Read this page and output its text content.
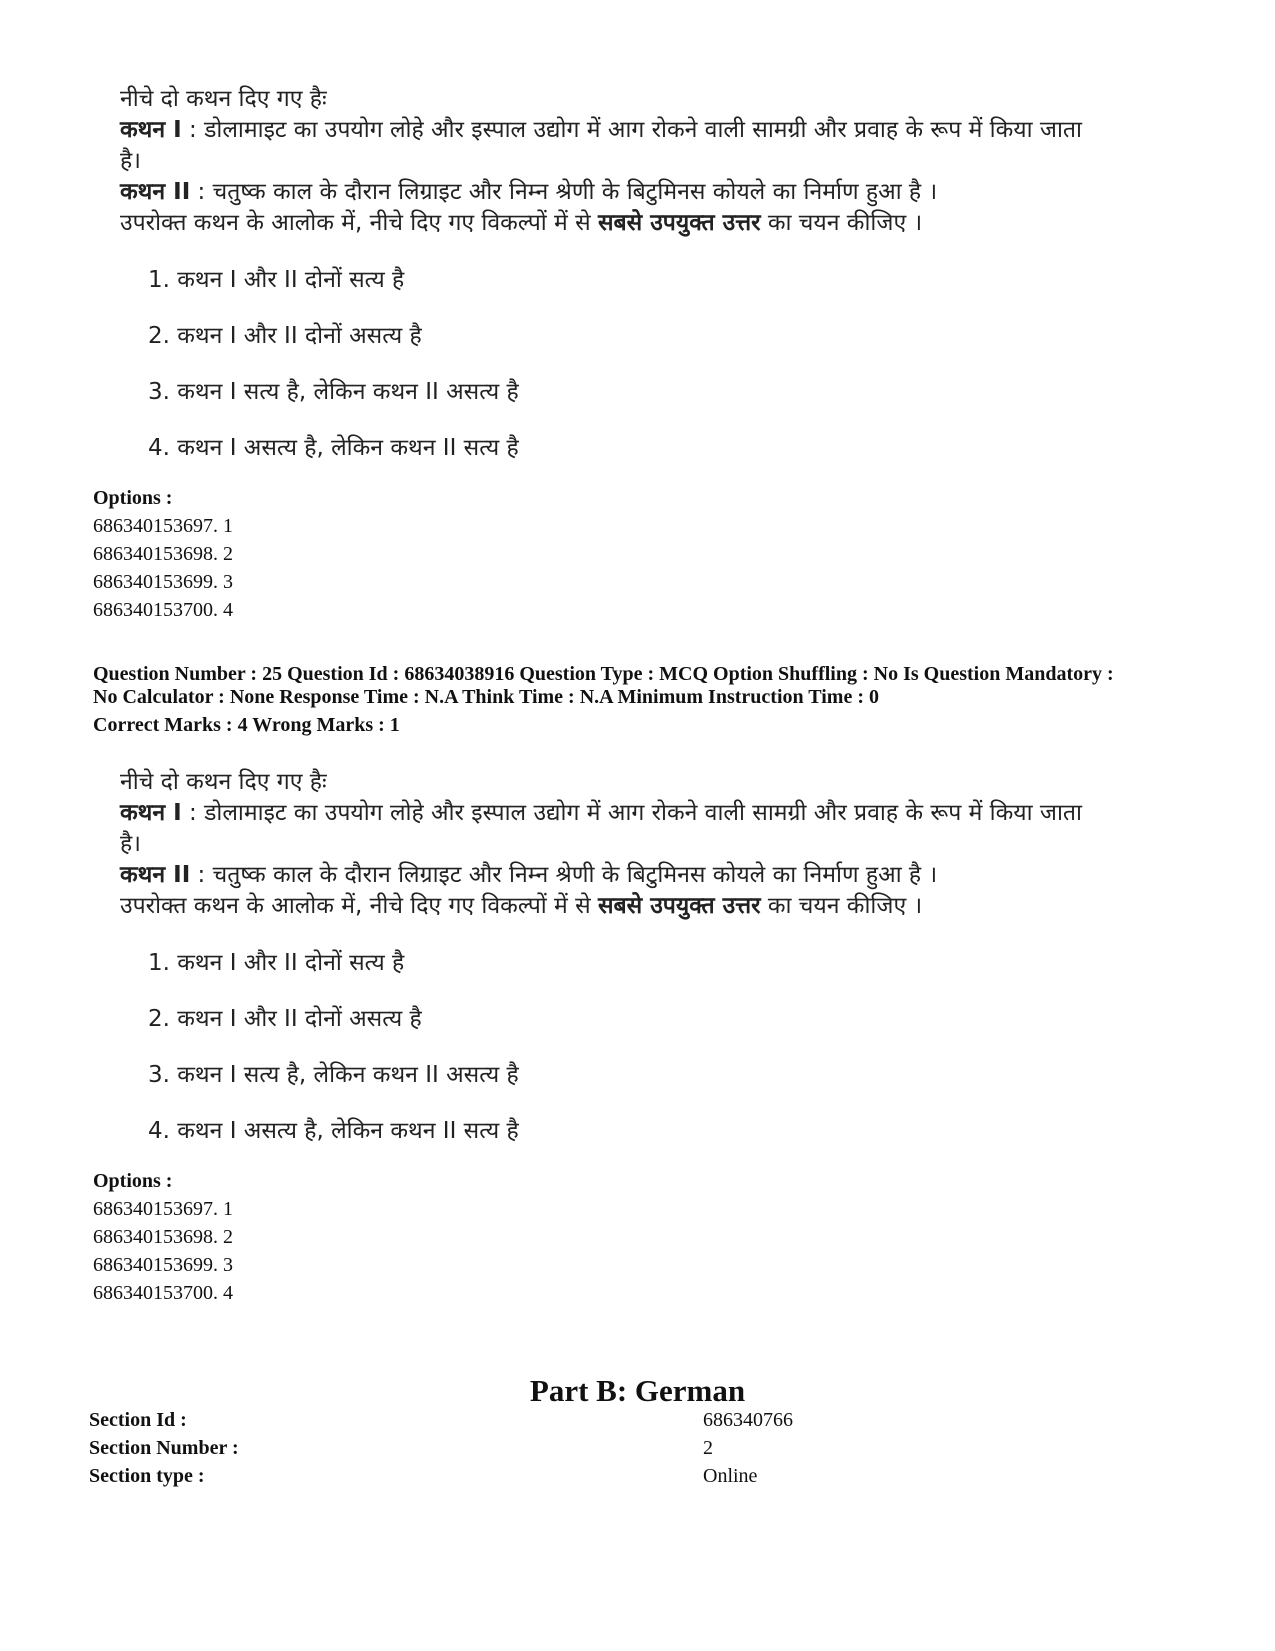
नीचे दो कथन दिए गए हैः

कथन I : डोलामाइट का उपयोग लोहे और इस्पाल उद्योग में आग रोकने वाली सामग्री और प्रवाह के रूप में किया जाता

है।

कथन II : चतुष्क काल के दौरान लिग्राइट और निम्न श्रेणी के बिटुमिनस कोयले का निर्माण हुआ है ।

उपरोक्त कथन के आलोक में, नीचे दिए गए विकल्पों में से सबसे उपयुक्त उत्तर का चयन कीजिए ।

1. कथन I और II दोनों सत्य है
2. कथन I और II दोनों असत्य है
3. कथन I सत्य है, लेकिन कथन II असत्य है
4. कथन I असत्य है, लेकिन कथन II सत्य है
Options :
686340153697. 1
686340153698. 2
686340153699. 3
686340153700. 4
Question Number : 25 Question Id : 68634038916 Question Type : MCQ Option Shuffling : No Is Question Mandatory :
No Calculator : None Response Time : N.A Think Time : N.A Minimum Instruction Time : 0
Correct Marks : 4 Wrong Marks : 1

नीचे दो कथन दिए गए हैः

कथन I : डोलामाइट का उपयोग लोहे और इस्पाल उद्योग में आग रोकने वाली सामग्री और प्रवाह के रूप में किया जाता

है।

कथन II : चतुष्क काल के दौरान लिग्राइट और निम्न श्रेणी के बिटुमिनस कोयले का निर्माण हुआ है ।

उपरोक्त कथन के आलोक में, नीचे दिए गए विकल्पों में से सबसे उपयुक्त उत्तर का चयन कीजिए ।

1. कथन I और II दोनों सत्य है
2. कथन I और II दोनों असत्य है
3. कथन I सत्य है, लेकिन कथन II असत्य है
4. कथन I असत्य है, लेकिन कथन II सत्य है
Options :
686340153697. 1
686340153698. 2
686340153699. 3
686340153700. 4
Part B: German
Section Id :	686340766
Section Number :	2
Section type :	Online
